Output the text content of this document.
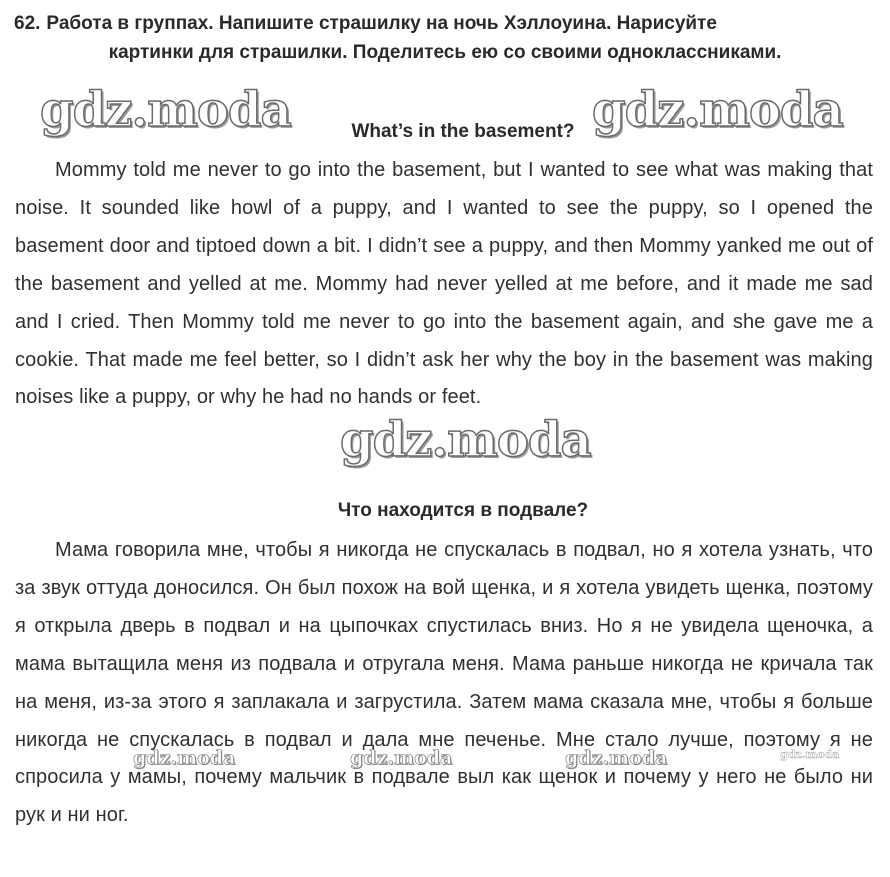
62. Работа в группах. Напишите страшилку на ночь Хэллоуина. Нарисуйте
картинки для страшилки. Поделитесь ею со своими одноклассниками.
What’s in the basement?

Mommy told me never to go into the basement, but I wanted to see what was making that noise. It sounded like howl of a puppy, and I wanted to see the puppy, so I opened the basement door and tiptoed down a bit. I didn’t see a puppy, and then Mommy yanked me out of the basement and yelled at me. Mommy had never yelled at me before, and it made me sad and I cried. Then Mommy told me never to go into the basement again, and she gave me a cookie. That made me feel better, so I didn’t ask her why the boy in the basement was making noises like a puppy, or why he had no hands or feet.

Что находится в подвале?

Мама говорила мне, чтобы я никогда не спускалась в подвал, но я хотела узнать, что за звук оттуда доносился. Он был похож на вой щенка, и я хотела увидеть щенка, поэтому я открыла дверь в подвал и на цыпочках спустилась вниз. Но я не увидела щеночка, а мама вытащила меня из подвала и отругала меня. Мама раньше никогда не кричала так на меня, из-за этого я заплакала и загрустила. Затем мама сказала мне, чтобы я больше никогда не спускалась в подвал и дала мне печенье. Мне стало лучше, поэтому я не спросила у мамы, почему мальчик в подвале выл как щенок и почему у него не было ни рук и ни ног.

gdz.moda	gdz.moda
gdz.moda
gdz.moda	gdz.moda	gdz.moda	gdz.moda
